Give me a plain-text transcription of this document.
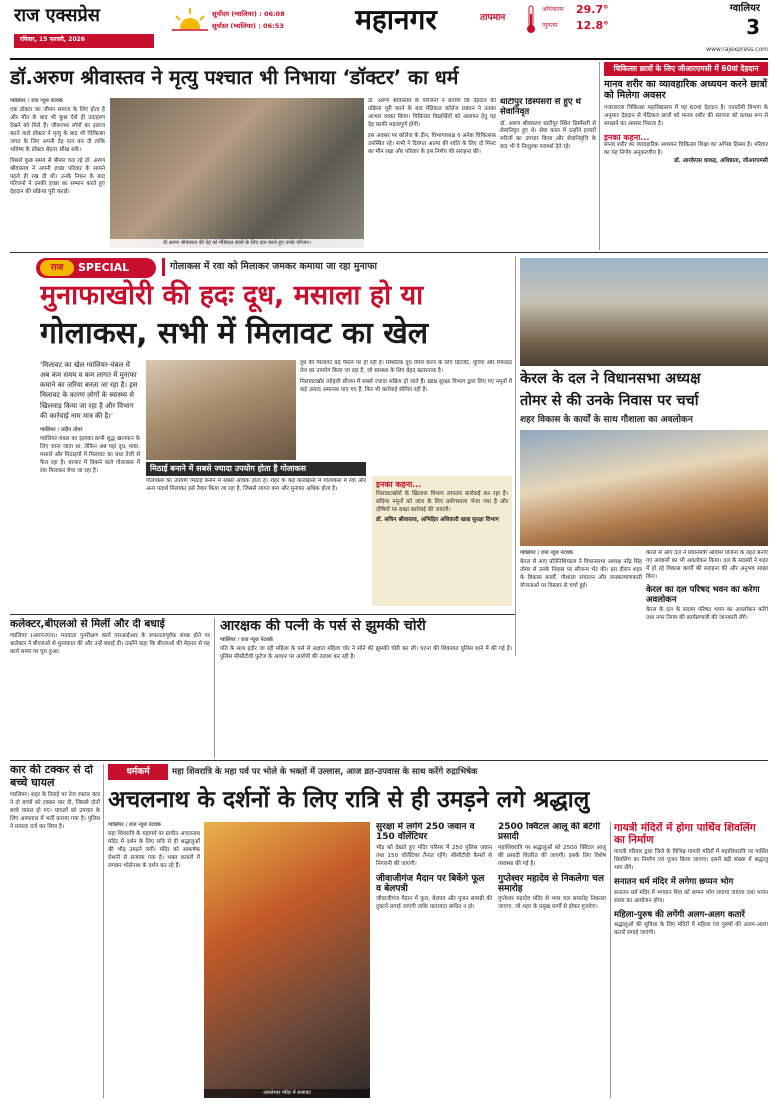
राज एक्सप्रेस
रविवार, 15 फरवरी, 2026
सूर्योदय (ग्वालियर) : 06:08
सूर्यास्त (ग्वालियर) : 06:53	महानगर	तापमान
अधिकतम	29.7°
न्यूनतम	12.8°
ग्वालियर
3
www.rajexpress.com
डॉ.अरुण श्रीवास्तव ने मृत्यु पश्चात भी निभाया ‘डॉक्टर’ का धर्म
ग्वालियर / राज न्यूज नेटवर्क
एक डॉक्टर का जीवन समाज के लिए होता है और मौत के बाद भी कुछ ऐसे ही उदाहरण देखने को मिले हैं। जीवनभर लोगों का इलाज करने वाले डॉक्टर ने मृत्यु के बाद भी चिकित्सा जगत के लिए अपनी देह दान कर दी ताकि भविष्य के डॉक्टर बेहतर सीख सकें।
पिछले कुछ समय से बीमार चल रहे डॉ. अरुण श्रीवास्तव ने अपनी इच्छा परिवार के सामने पहले ही रख दी थी। उनके निधन के बाद परिजनों ने उनकी इच्छा का सम्मान करते हुए देहदान की प्रक्रिया पूरी कराई।
डॉ.अरुण श्रीवास्तव की देह को मेडिकल छात्रों के लिए दान करते हुए उनके परिजन।
डॉ. अरुण श्रीवास्तव के परिजनों ने बताया कि देहदान की प्रक्रिया पूरी करने के बाद मेडिकल कॉलेज प्रबंधन ने उनका आभार व्यक्त किया। चिकित्सा विद्यार्थियों को अध्ययन हेतु यह देह काफी महत्वपूर्ण होगी।
इस अवसर पर कॉलेज के डीन, विभागाध्यक्ष व अनेक चिकित्सक उपस्थित रहे। सभी ने दिवंगत आत्मा की शांति के लिए दो मिनट का मौन रखा और परिवार के इस निर्णय की सराहना की।
थाटीपुर डिस्पेंसरी से हुए थे सेवानिवृत
डॉ. अरुण श्रीवास्तव थाटीपुर स्थित डिस्पेंसरी से सेवानिवृत हुए थे। सेवा काल में उन्होंने हजारों मरीजों का उपचार किया और सेवानिवृत्ति के बाद भी वे निःशुल्क परामर्श देते रहे।
चिकित्सा छात्रों के लिए जीआरएमसी में 60वां देहदान
मानव शरीर का व्यावहारिक अध्ययन करने छात्रों को मिलेगा अवसर
गजराराजा चिकित्सा महाविद्यालय में यह 60वां देहदान है। एनाटॉमी विभाग के अनुसार देहदान से मेडिकल छात्रों को मानव शरीर की संरचना को प्रत्यक्ष रूप से समझने का अवसर मिलता है।
इनका कहना...
मानव शरीर का व्यावहारिक अध्ययन चिकित्सा शिक्षा का अभिन्न हिस्सा है। परिवार का यह निर्णय अनुकरणीय है।
डॉ. आरकेएस धाकड़, अधिष्ठाता, जीआरएमसी
राज	SPECIAL	गोलाकस में रवा को मिलाकर जमकर कमाया जा रहा मुनाफा
मुनाफाखोरी की हदः दूध, मसाला हो या
गोलाकस, सभी में मिलावट का खेल
‘मिलावट का खेल ग्वालियर-चंबल में अब कम समय व कम लागत में मुनाफा कमाने का जरिया बनता जा रहा है। इस मिलावट के कारण लोगों के स्वास्थ्य से खिलवाड़ किया जा रहा है और विभाग की कार्रवाई नाम मात्र की है।’
ग्वालियर / प्रदीप तोमर
ग्वालियर-चंबल का इलाका कभी शुद्ध खानपान के लिए जाना जाता था, लेकिन अब यहां दूध, मावा, मसाले और मिठाइयों में मिलावट का धंधा तेजी से फैल रहा है। बाजार में बिकने वाले गोलाकस में रवा मिलाकर बेचा जा रहा है।
दूध की मिलावट बड़े पैमाने पर हो रही है। सिंथेटिक दूध तैयार करने के लिए डिटर्जेंट, यूरिया और रिफाइंड तेल का उपयोग किया जा रहा है, जो स्वास्थ्य के लिए बेहद खतरनाक है।
मिलावटखोर त्योहारी सीजन में सबसे ज्यादा सक्रिय हो जाते हैं। खाद्य सुरक्षा विभाग द्वारा लिए गए नमूनों में कई उत्पाद अमानक पाए गए हैं, फिर भी कार्रवाई सीमित रही है।
मिठाई बनाने में सबसे ज्यादा उपयोग होता है गोलाकस
गोलाकस का उपयोग मिठाई बनाने में सबसे अधिक होता है। शहर के कई कारखानों में गोलाकस में रवा और अन्य पदार्थ मिलाकर इसे तैयार किया जा रहा है, जिससे लागत कम और मुनाफा अधिक होता है।	इनका कहना...
मिलावटखोरों के खिलाफ विभाग लगातार कार्रवाई कर रहा है। संदिग्ध नमूनों को जांच के लिए प्रयोगशाला भेजा गया है और दोषियों पर सख्त कार्रवाई की जाएगी।
डॉ. सचिन श्रीवास्तव, अभिहित अधिकारी खाद्य सुरक्षा विभाग
केरल के दल ने विधानसभा अध्यक्ष
तोमर से की उनके निवास पर चर्चा
शहर विकास के कार्यों के साथ गौशाला का अवलोकन
ग्वालियर / राज न्यूज नेटवर्क
केरल से आए प्रतिनिधिमंडल ने विधानसभा अध्यक्ष नरेंद्र सिंह तोमर से उनके निवास पर सौजन्य भेंट की। इस दौरान शहर के विकास कार्यों, गौशाला संचालन और जनकल्याणकारी योजनाओं पर विस्तार से चर्चा हुई।
केरल से आए दल ने प्रधानमंत्री आवास योजना के तहत बनाए गए आवासों का भी अवलोकन किया। दल के सदस्यों ने शहर में हो रहे विकास कार्यों की सराहना की और अनुभव साझा किए।
केरल का दल परिषद भवन का करेगा अवलोकन
केरल के दल के सदस्य परिषद भवन का अवलोकन करेंगे तथा नगर निगम की कार्यप्रणाली की जानकारी लेंगे।
कलेक्टर,बीएलओ से मिलीं और दी बधाई
ग्वालियर (आरएनएन)। मतदाता पुनरीक्षण कार्य एसआईआर के सफलतापूर्वक संपन्न होने पर कलेक्टर ने बीएलओ से मुलाकात की और उन्हें बधाई दी। उन्होंने कहा कि बीएलओ की मेहनत से यह कार्य समय पर पूरा हुआ।
आरक्षक की पत्नी के पर्स से झुमकी चोरी
ग्वालियर / राज न्यूज नेटवर्क
पति के साथ इंदौर जा रही महिला के पर्स से अज्ञात महिला चोर ने सोने की झुमकी चोरी कर ली। घटना की शिकायत पुलिस थाने में की गई है। पुलिस सीसीटीवी फुटेज के आधार पर आरोपी की तलाश कर रही है।
कार की टक्कर से दो बच्चे घायल
ग्वालियर। शहर के तिराहे पर तेज रफ्तार कार ने दो बच्चों को टक्कर मार दी, जिससे दोनों बच्चे घायल हो गए। घायलों को उपचार के लिए अस्पताल में भर्ती कराया गया है। पुलिस ने मामला दर्ज कर लिया है।
धर्मकर्म	महा शिवरात्रि के महा पर्व पर भोले के भक्तों में उल्लास, आज व्रत-उपवास के साथ करेंगे रुद्राभिषेक
अचलनाथ के दर्शनों के लिए रात्रि से ही उमड़ने लगे श्रद्धालु
ग्वालियर / राज न्यूज नेटवर्क
महा शिवरात्रि के महापर्व पर प्राचीन अचलनाथ मंदिर में दर्शन के लिए रात्रि से ही श्रद्धालुओं की भीड़ उमड़ने लगी। मंदिर को आकर्षक रोशनी से सजाया गया है। भक्त कतारों में लगकर भोलेनाथ के दर्शन कर रहे हैं।
अचलेश्वर मंदिर में सजावट
सुरक्षा में लगेंगे 250 जवान व 150 वॉलेंटियर
भीड़ को देखते हुए मंदिर परिसर में 250 पुलिस जवान तथा 150 वॉलेंटियर तैनात रहेंगे। सीसीटीवी कैमरों से निगरानी की जाएगी।
जीवाजीगंज मैदान पर बिकेंगे फूल व बेलपत्री
जीवाजीगंज मैदान में फूल, बेलपत्र और पूजन सामग्री की दुकानें लगाई जाएंगी ताकि यातायात बाधित न हो।
2500 क्विंटल आलू की बंटेगी प्रसादी
महाशिवरात्रि पर श्रद्धालुओं को 2500 क्विंटल आलू की प्रसादी वितरित की जाएगी। इसके लिए विशेष व्यवस्था की गई है।
गुप्तेश्वर महादेव से निकलेगा चल समारोह
गुप्तेश्वर महादेव मंदिर से भव्य चल समारोह निकाला जाएगा, जो शहर के प्रमुख मार्गों से होकर गुजरेगा।
गायत्री मंदिरों में होगा पार्थिव शिवलिंग का निर्माण
गायत्री परिवार द्वारा जिले के विभिन्न गायत्री मंदिरों में महाशिवरात्रि पर पार्थिव शिवलिंग का निर्माण एवं पूजन किया जाएगा। इसमें बड़ी संख्या में श्रद्धालु भाग लेंगे।
सनातन धर्म मंदिर में लगेगा छप्पन भोग
सनातन धर्म मंदिर में भगवान शिव को छप्पन भोग लगाया जाएगा तथा भजन संध्या का आयोजन होगा।
महिला-पुरुष की लगेंगी अलग-अलग कतारें
श्रद्धालुओं की सुविधा के लिए मंदिरों में महिला एवं पुरुषों की अलग-अलग कतारें लगाई जाएंगी।
